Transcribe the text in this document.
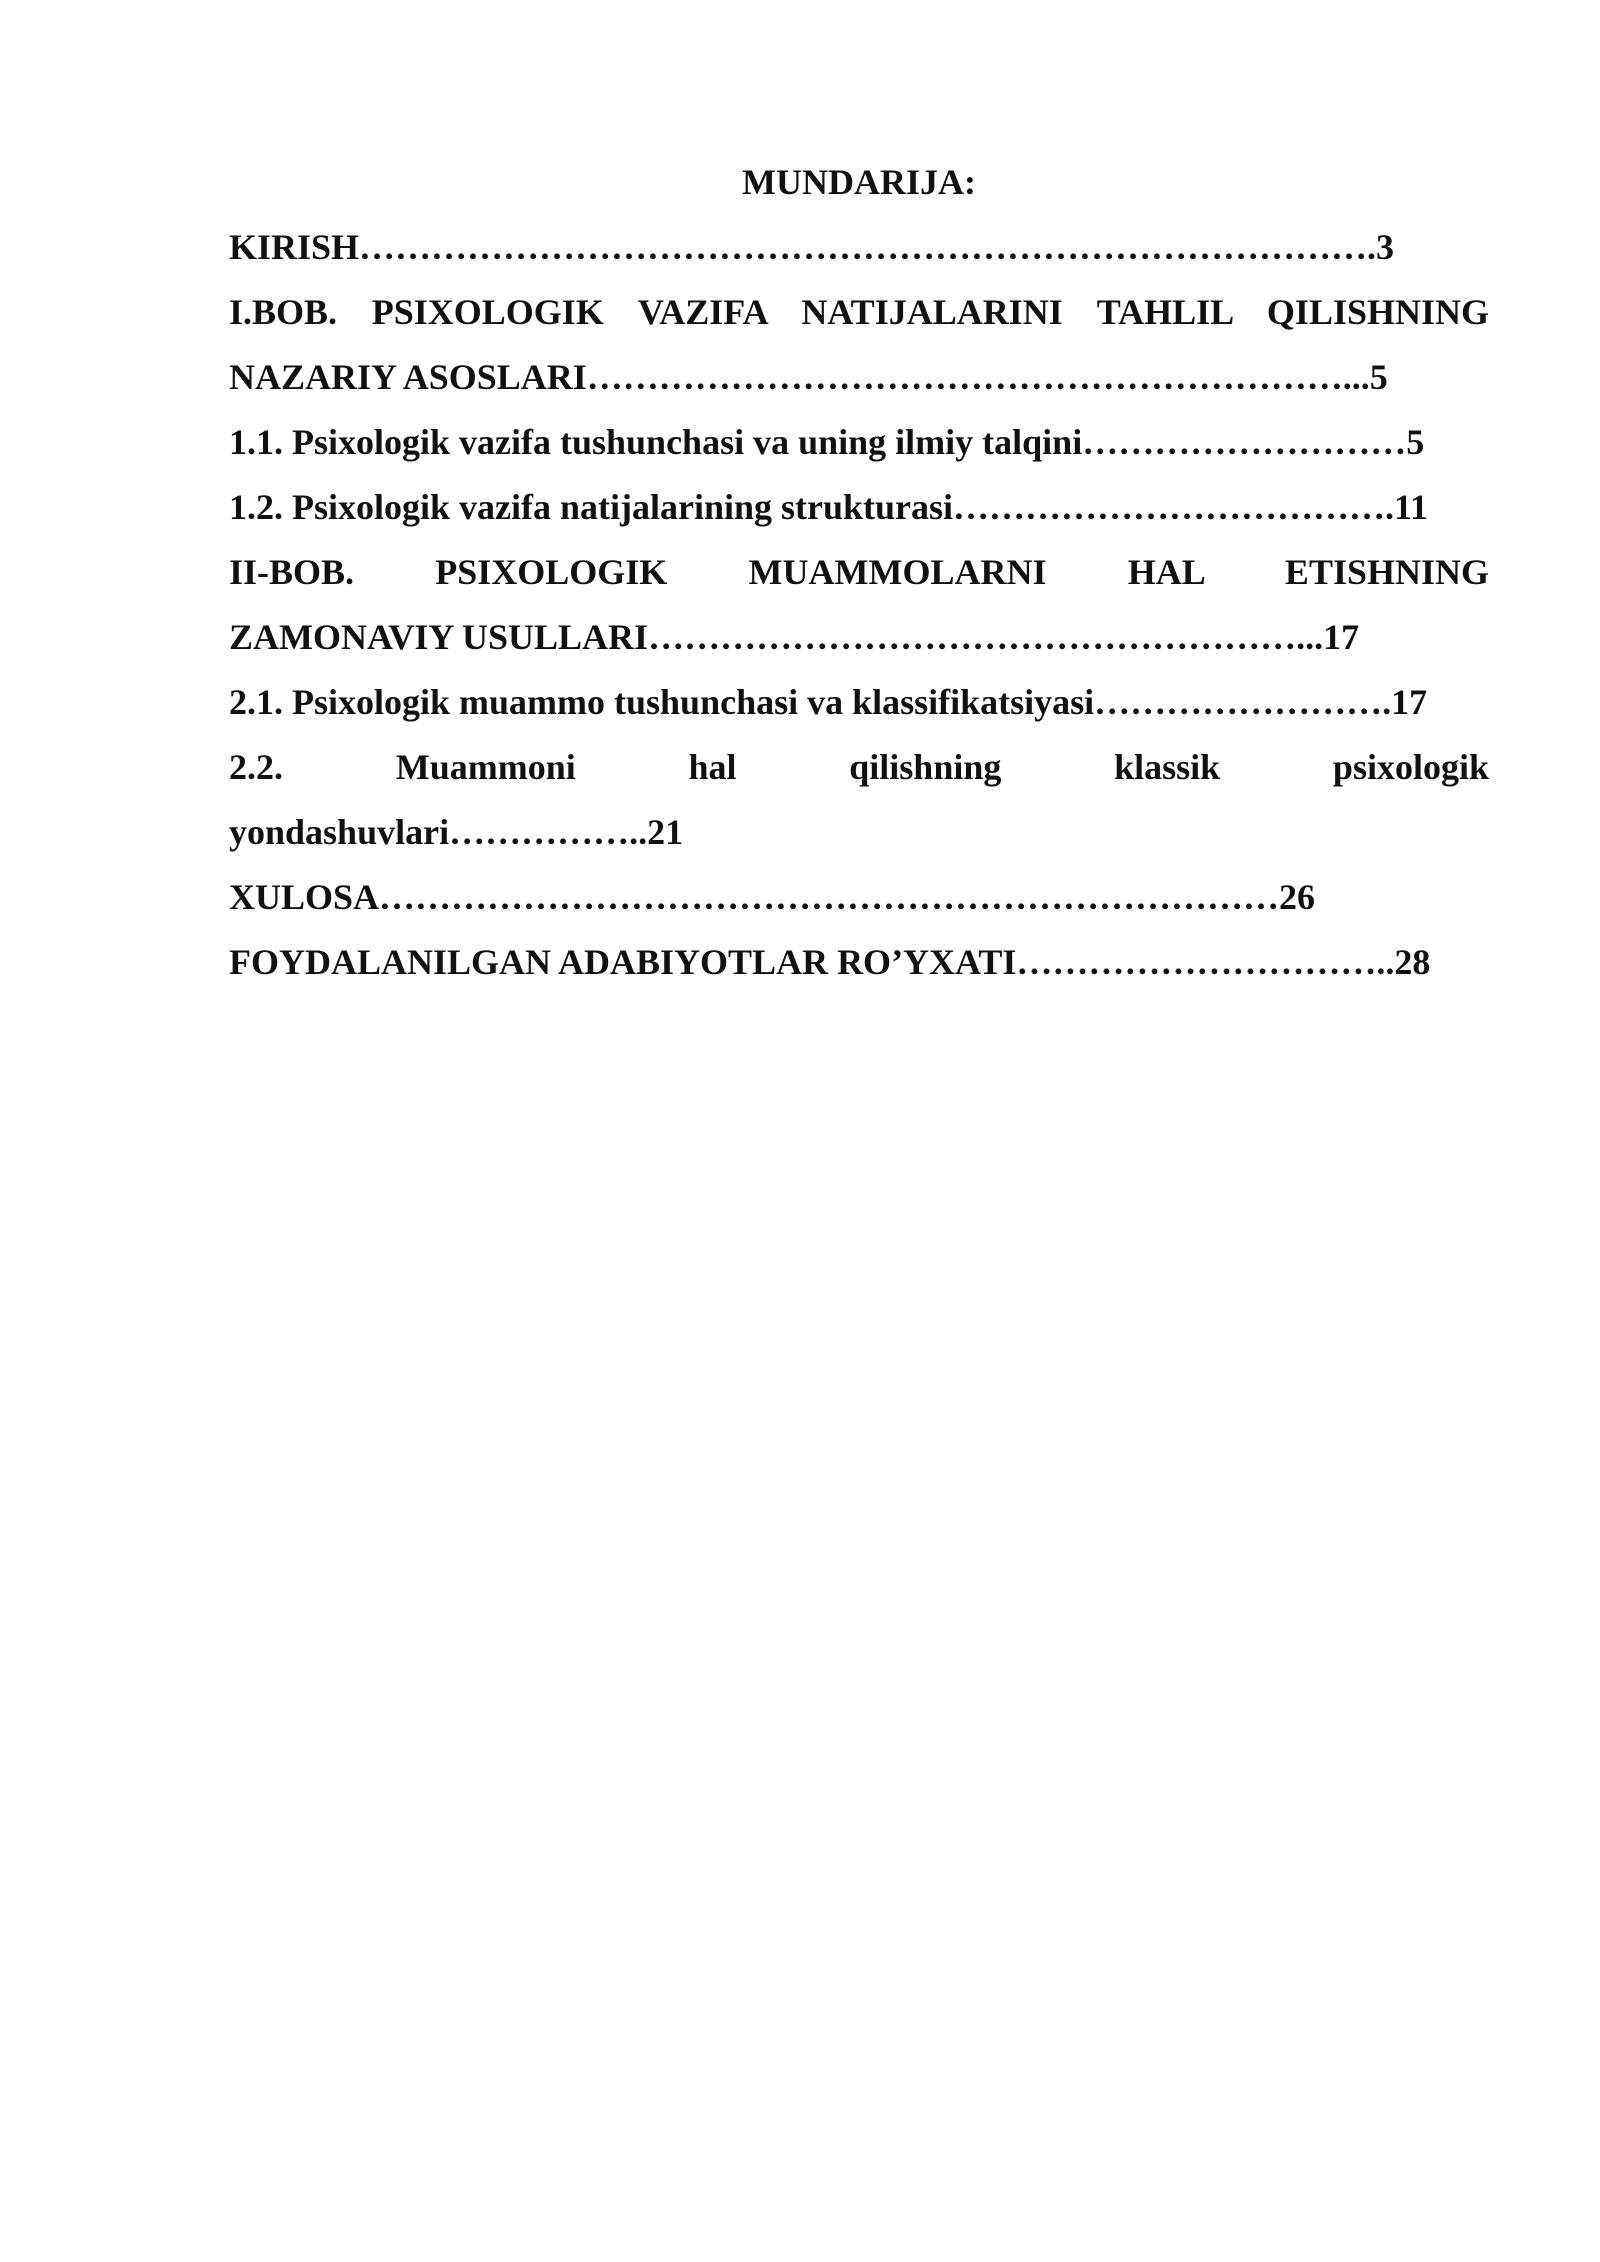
MUNDARIJA:
KIRISH………………………………………………………………………….3
I.BOB. PSIXOLOGIK VAZIFA NATIJALARINI TAHLIL QILISHNING
NAZARIY ASOSLARI………………………………………………………...5
1.1. Psixologik vazifa tushunchasi va uning ilmiy talqini………………………5
1.2. Psixologik vazifa natijalarining strukturasi……………………………….11
II-BOB. PSIXOLOGIK MUAMMOLARNI HAL ETISHNING
ZAMONAVIY USULLARI………………………………………………...17
2.1. Psixologik muammo tushunchasi va klassifikatsiyasi…………………….17
2.2. Muammoni hal qilishning klassik psixologik
yondashuvlari……………..21
XULOSA…………………………………………………………………26
FOYDALANILGAN ADABIYOTLAR RO’YXATI…………………………..28
